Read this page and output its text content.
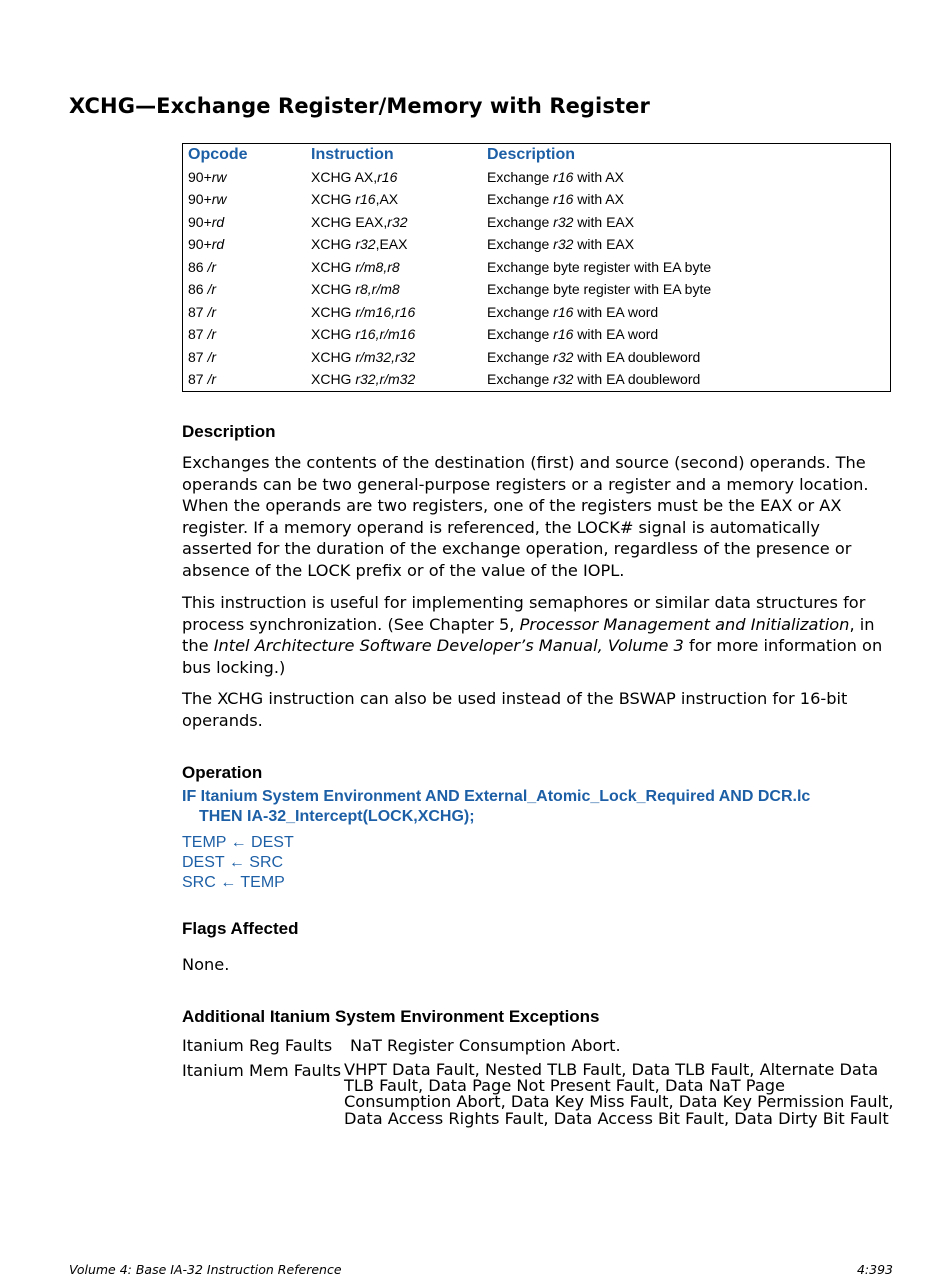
XCHG—Exchange Register/Memory with Register
Opcode	Instruction	Description
90+rw	XCHG AX,r16	Exchange r16 with AX
90+rw	XCHG r16,AX	Exchange r16 with AX
90+rd	XCHG EAX,r32	Exchange r32 with EAX
90+rd	XCHG r32,EAX	Exchange r32 with EAX
86 /r	XCHG r/m8,r8	Exchange byte register with EA byte
86 /r	XCHG r8,r/m8	Exchange byte register with EA byte
87 /r	XCHG r/m16,r16	Exchange r16 with EA word
87 /r	XCHG r16,r/m16	Exchange r16 with EA word
87 /r	XCHG r/m32,r32	Exchange r32 with EA doubleword
87 /r	XCHG r32,r/m32	Exchange r32 with EA doubleword
Description
Exchanges the contents of the destination (first) and source (second) operands. The operands can be two general-purpose registers or a register and a memory location. When the operands are two registers, one of the registers must be the EAX or AX register. If a memory operand is referenced, the LOCK# signal is automatically asserted for the duration of the exchange operation, regardless of the presence or absence of the LOCK prefix or of the value of the IOPL.
This instruction is useful for implementing semaphores or similar data structures for process synchronization. (See Chapter 5, Processor Management and Initialization, in the Intel Architecture Software Developer’s Manual, Volume 3 for more information on bus locking.)
The XCHG instruction can also be used instead of the BSWAP instruction for 16-bit operands.
Operation
IF Itanium System Environment AND External_Atomic_Lock_Required AND DCR.lc
THEN IA-32_Intercept(LOCK,XCHG);
TEMP ← DEST
DEST ← SRC
SRC ← TEMP
Flags Affected
None.
Additional Itanium System Environment Exceptions
Itanium Reg Faults NaT Register Consumption Abort.
Itanium Mem Faults VHPT Data Fault, Nested TLB Fault, Data TLB Fault, Alternate Data TLB Fault, Data Page Not Present Fault, Data NaT Page Consumption Abort, Data Key Miss Fault, Data Key Permission Fault, Data Access Rights Fault, Data Access Bit Fault, Data Dirty Bit Fault
Volume 4: Base IA-32 Instruction Reference	4:393
